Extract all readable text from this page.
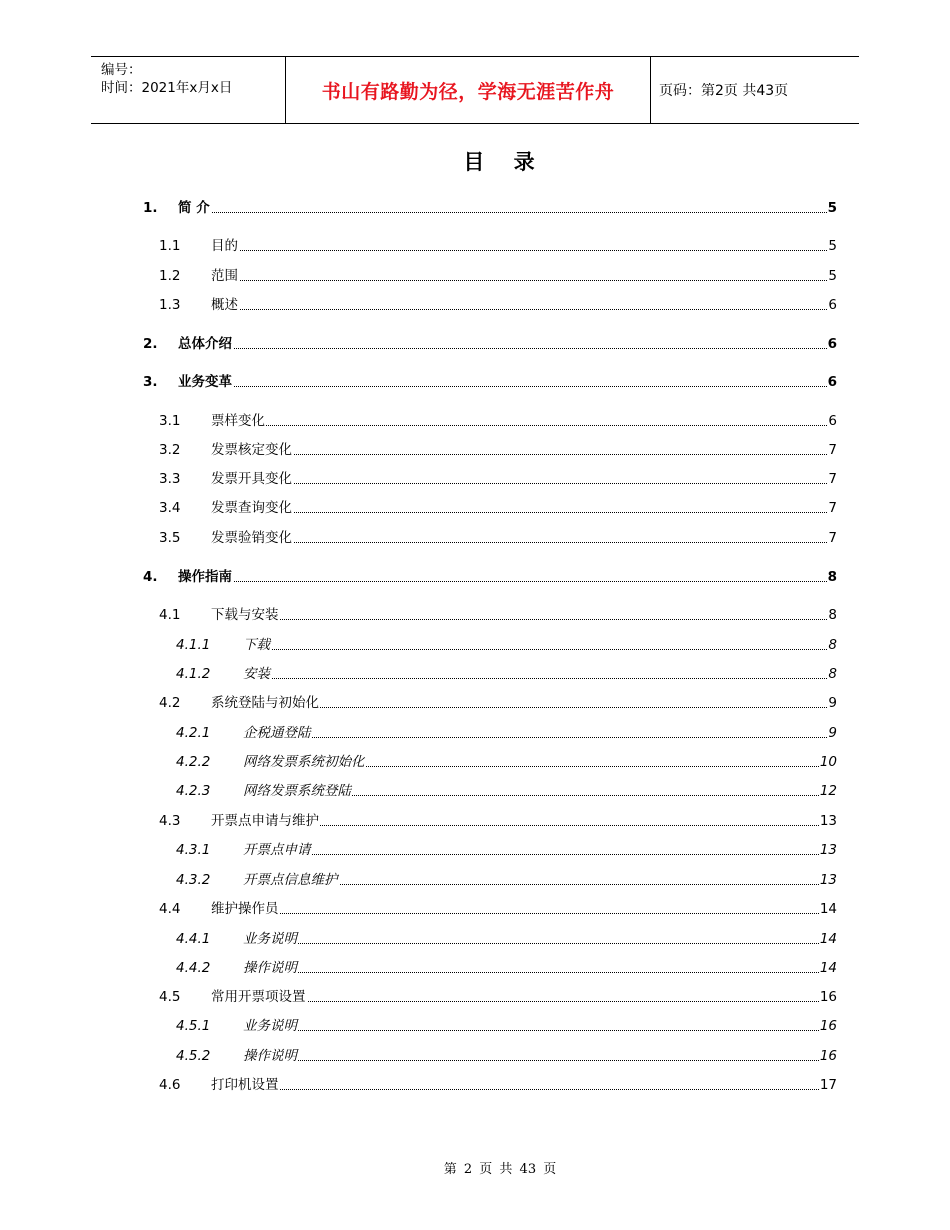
编号：
时间：2021年x月x日	书山有路勤为径，学海无涯苦作舟	页码：第2页 共43页
目 录
1. 简 介	5
1.1 目的	5
1.2 范围	5
1.3 概述	6
2. 总体介绍	6
3. 业务变革	6
3.1 票样变化	6
3.2 发票核定变化	7
3.3 发票开具变化	7
3.4 发票查询变化	7
3.5 发票验销变化	7
4. 操作指南	8
4.1 下载与安装	8
4.1.1 下载	8
4.1.2 安装	8
4.2 系统登陆与初始化	9
4.2.1 企税通登陆	9
4.2.2 网络发票系统初始化	10
4.2.3 网络发票系统登陆	12
4.3 开票点申请与维护	13
4.3.1 开票点申请	13
4.3.2 开票点信息维护	13
4.4 维护操作员	14
4.4.1 业务说明	14
4.4.2 操作说明	14
4.5 常用开票项设置	16
4.5.1 业务说明	16
4.5.2 操作说明	16
4.6 打印机设置	17
第 2 页 共 43 页
